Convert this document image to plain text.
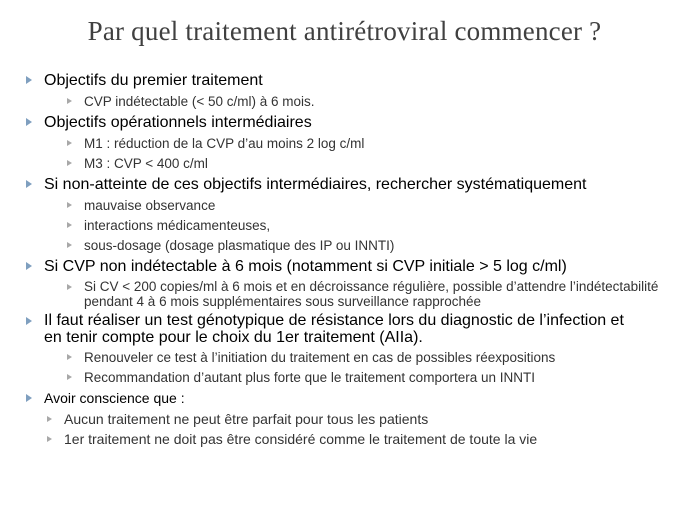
Par quel traitement antirétroviral commencer ?
Objectifs du premier traitement
CVP indétectable (< 50 c/ml) à 6 mois.
Objectifs opérationnels intermédiaires
M1 : réduction de la CVP d’au moins 2 log c/ml
M3 : CVP < 400 c/ml
Si non-atteinte de ces objectifs intermédiaires, rechercher systématiquement
mauvaise observance
interactions médicamenteuses,
sous-dosage (dosage plasmatique des IP ou INNTI)
Si CVP non indétectable à 6 mois (notamment si CVP initiale > 5 log c/ml)
Si CV < 200 copies/ml à 6 mois et en décroissance régulière, possible d’attendre l’indétectabilité pendant 4 à 6 mois supplémentaires sous surveillance rapprochée
Il faut réaliser un test génotypique de résistance lors du diagnostic de l’infection et en tenir compte pour le choix du 1er traitement (AIIa).
Renouveler ce test à l’initiation du traitement en cas de possibles réexpositions
Recommandation d’autant plus forte que le traitement comportera un INNTI
Avoir conscience que :
Aucun traitement ne peut être parfait pour tous les patients
1er traitement ne doit pas être considéré comme le traitement de toute la vie
